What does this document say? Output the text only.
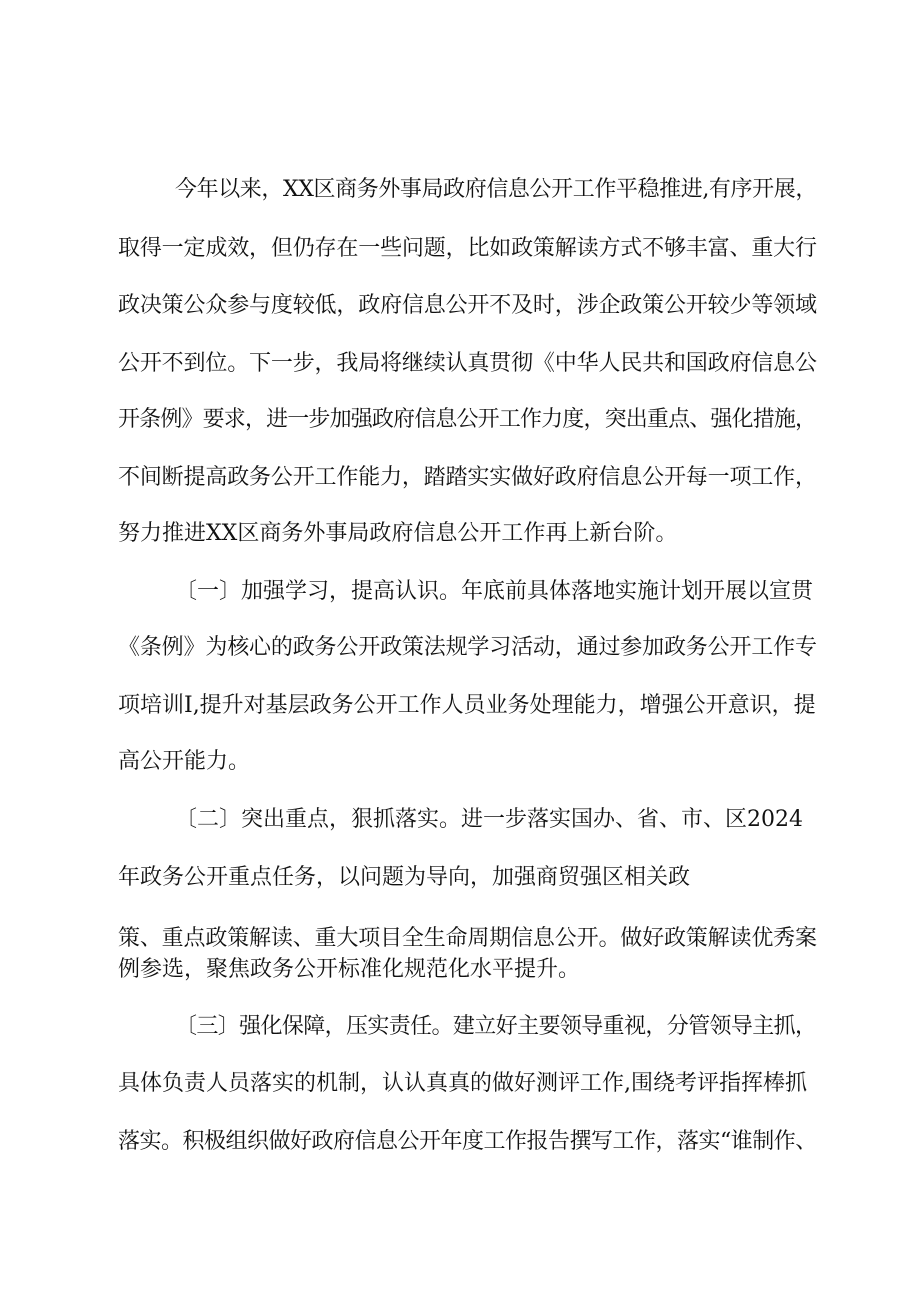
今年以来，XX区商务外事局政府信息公开工作平稳推进,有序开展，
取得一定成效，但仍存在一些问题，比如政策解读方式不够丰富、重大行
政决策公众参与度较低，政府信息公开不及时，涉企政策公开较少等领域
公开不到位。下一步，我局将继续认真贯彻《中华人民共和国政府信息公
开条例》要求，进一步加强政府信息公开工作力度，突出重点、强化措施，
不间断提高政务公开工作能力，踏踏实实做好政府信息公开每一项工作，
努力推进XX区商务外事局政府信息公开工作再上新台阶。
〔一〕加强学习，提高认识。年底前具体落地实施计划开展以宣贯
《条例》为核心的政务公开政策法规学习活动，通过参加政务公开工作专
项培训I,提升对基层政务公开工作人员业务处理能力，增强公开意识，提
高公开能力。
〔二〕突出重点，狠抓落实。进一步落实国办、省、市、区2024
年政务公开重点任务，以问题为导向，加强商贸强区相关政
策、重点政策解读、重大项目全生命周期信息公开。做好政策解读优秀案
例参选，聚焦政务公开标准化规范化水平提升。
〔三〕强化保障，压实责任。建立好主要领导重视，分管领导主抓，
具体负责人员落实的机制，认认真真的做好测评工作,围绕考评指挥棒抓
落实。积极组织做好政府信息公开年度工作报告撰写工作，落实“谁制作、
